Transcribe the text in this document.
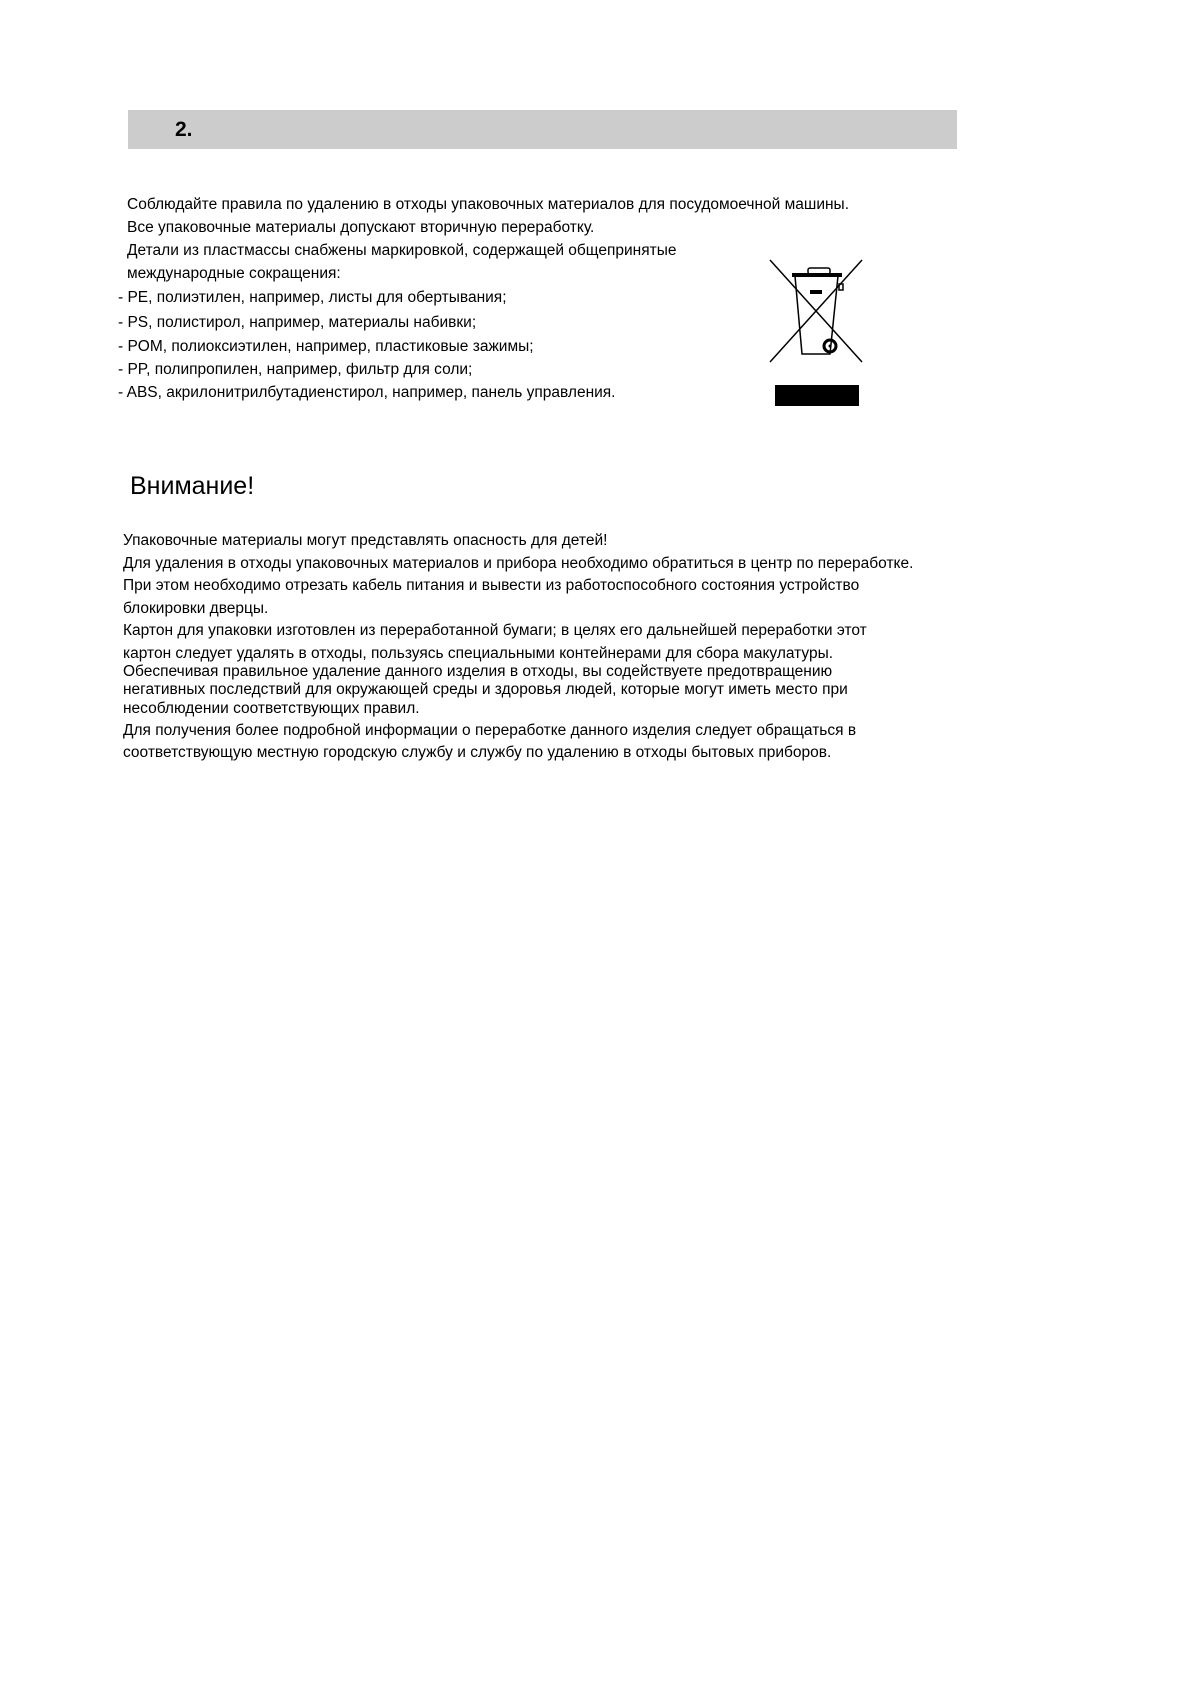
2.
Соблюдайте правила по удалению в отходы упаковочных материалов для посудомоечной машины.
Все упаковочные материалы допускают вторичную переработку.
Детали из пластмассы снабжены маркировкой, содержащей общепринятые
международные сокращения:
- PE, полиэтилен, например, листы для обертывания;
- PS, полистирол, например, материалы набивки;
- POM, полиоксиэтилен, например, пластиковые зажимы;
- PP, полипропилен, например, фильтр для соли;
- ABS, акрилонитрилбутадиенстирол, например, панель управления.
Внимание!
Упаковочные материалы могут представлять опасность для детей!
Для удаления в отходы упаковочных материалов и прибора необходимо обратиться в центр по переработке.
При этом необходимо отрезать кабель питания и вывести из работоспособного состояния устройство
блокировки дверцы.
Картон для упаковки изготовлен из переработанной бумаги; в целях его дальнейшей переработки этот
картон следует удалять в отходы, пользуясь специальными контейнерами для сбора макулатуры.
Обеспечивая правильное удаление данного изделия в отходы, вы содействуете предотвращению
негативных последствий для окружающей среды и здоровья людей, которые могут иметь место при
несоблюдении соответствующих правил.
Для получения более подробной информации о переработке данного изделия следует обращаться в
соответствующую местную городскую службу и службу по удалению в отходы бытовых приборов.
